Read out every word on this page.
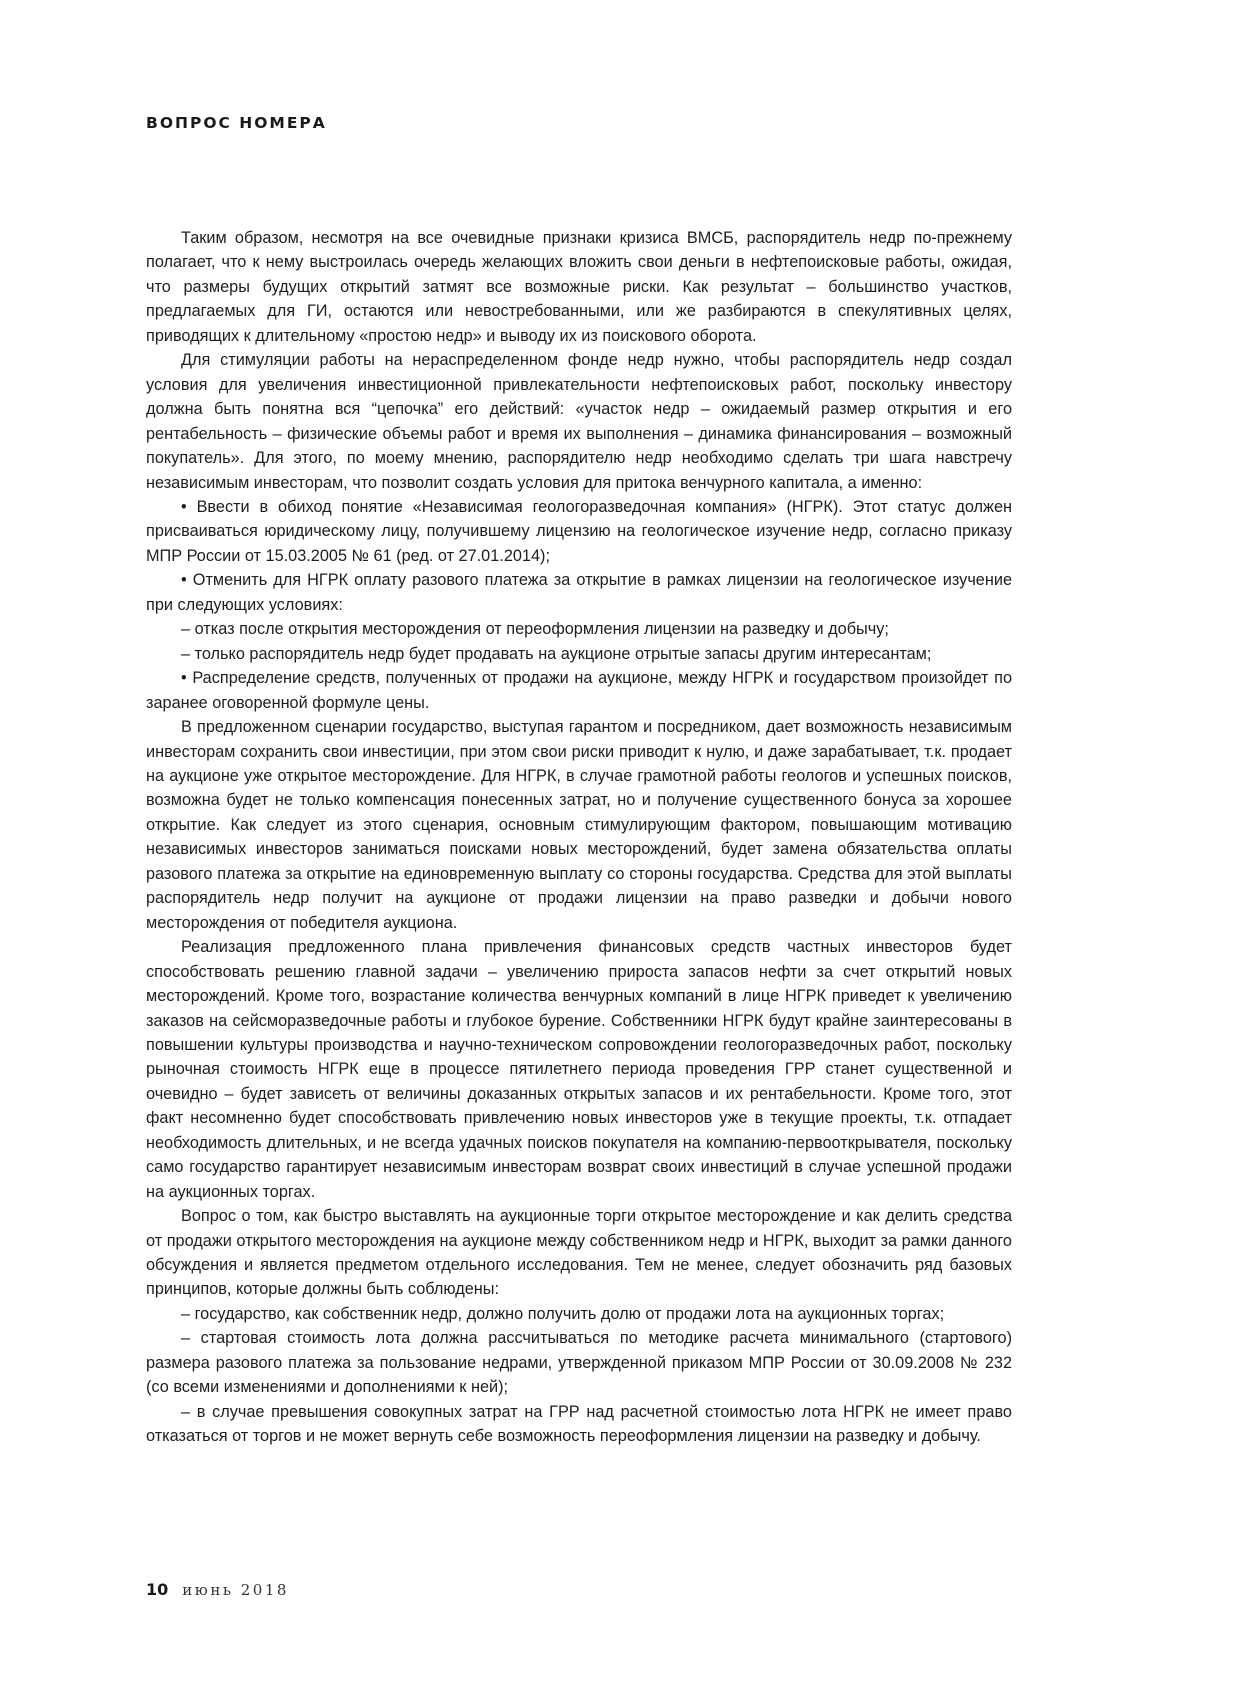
ВОПРОС НОМЕРА

Таким образом, несмотря на все очевидные признаки кризиса ВМСБ, распорядитель недр по-прежнему полагает, что к нему выстроилась очередь желающих вложить свои деньги в нефтепоисковые работы, ожидая, что размеры будущих открытий затмят все возможные риски. Как результат – большинство участков, предлагаемых для ГИ, остаются или невостребованными, или же разбираются в спекулятивных целях, приводящих к длительному «простою недр» и выводу их из поискового оборота.

Для стимуляции работы на нераспределенном фонде недр нужно, чтобы распорядитель недр создал условия для увеличения инвестиционной привлекательности нефтепоисковых работ, поскольку инвестору должна быть понятна вся “цепочка” его действий: «участок недр – ожидаемый размер открытия и его рентабельность – физические объемы работ и время их выполнения – динамика финансирования – возможный покупатель». Для этого, по моему мнению, распорядителю недр необходимо сделать три шага навстречу независимым инвесторам, что позволит создать условия для притока венчурного капитала, а именно:

• Ввести в обиход понятие «Независимая геологоразведочная компания» (НГРК). Этот статус должен присваиваться юридическому лицу, получившему лицензию на геологическое изучение недр, согласно приказу МПР России от 15.03.2005 № 61 (ред. от 27.01.2014);

• Отменить для НГРК оплату разового платежа за открытие в рамках лицензии на геологическое изучение при следующих условиях:

– отказ после открытия месторождения от переоформления лицензии на разведку и добычу;

– только распорядитель недр будет продавать на аукционе отрытые запасы другим интересантам;

• Распределение средств, полученных от продажи на аукционе, между НГРК и государством произойдет по заранее оговоренной формуле цены.

В предложенном сценарии государство, выступая гарантом и посредником, дает возможность независимым инвесторам сохранить свои инвестиции, при этом свои риски приводит к нулю, и даже зарабатывает, т.к. продает на аукционе уже открытое месторождение. Для НГРК, в случае грамотной работы геологов и успешных поисков, возможна будет не только компенсация понесенных затрат, но и получение существенного бонуса за хорошее открытие. Как следует из этого сценария, основным стимулирующим фактором, повышающим мотивацию независимых инвесторов заниматься поисками новых месторождений, будет замена обязательства оплаты разового платежа за открытие на единовременную выплату со стороны государства. Средства для этой выплаты распорядитель недр получит на аукционе от продажи лицензии на право разведки и добычи нового месторождения от победителя аукциона.

Реализация предложенного плана привлечения финансовых средств частных инвесторов будет способствовать решению главной задачи – увеличению прироста запасов нефти за счет открытий новых месторождений. Кроме того, возрастание количества венчурных компаний в лице НГРК приведет к увеличению заказов на сейсморазведочные работы и глубокое бурение. Собственники НГРК будут крайне заинтересованы в повышении культуры производства и научно-техническом сопровождении геологоразведочных работ, поскольку рыночная стоимость НГРК еще в процессе пятилетнего периода проведения ГРР станет существенной и очевидно – будет зависеть от величины доказанных открытых запасов и их рентабельности. Кроме того, этот факт несомненно будет способствовать привлечению новых инвесторов уже в текущие проекты, т.к. отпадает необходимость длительных, и не всегда удачных поисков покупателя на компанию-первооткрывателя, поскольку само государство гарантирует независимым инвесторам возврат своих инвестиций в случае успешной продажи на аукционных торгах.

Вопрос о том, как быстро выставлять на аукционные торги открытое месторождение и как делить средства от продажи открытого месторождения на аукционе между собственником недр и НГРК, выходит за рамки данного обсуждения и является предметом отдельного исследования. Тем не менее, следует обозначить ряд базовых принципов, которые должны быть соблюдены:

– государство, как собственник недр, должно получить долю от продажи лота на аукционных торгах;

– стартовая стоимость лота должна рассчитываться по методике расчета минимального (стартового) размера разового платежа за пользование недрами, утвержденной приказом МПР России от 30.09.2008 № 232 (со всеми изменениями и дополнениями к ней);

– в случае превышения совокупных затрат на ГРР над расчетной стоимостью лота НГРК не имеет право отказаться от торгов и не может вернуть себе возможность переоформления лицензии на разведку и добычу.

10 июнь 2018
